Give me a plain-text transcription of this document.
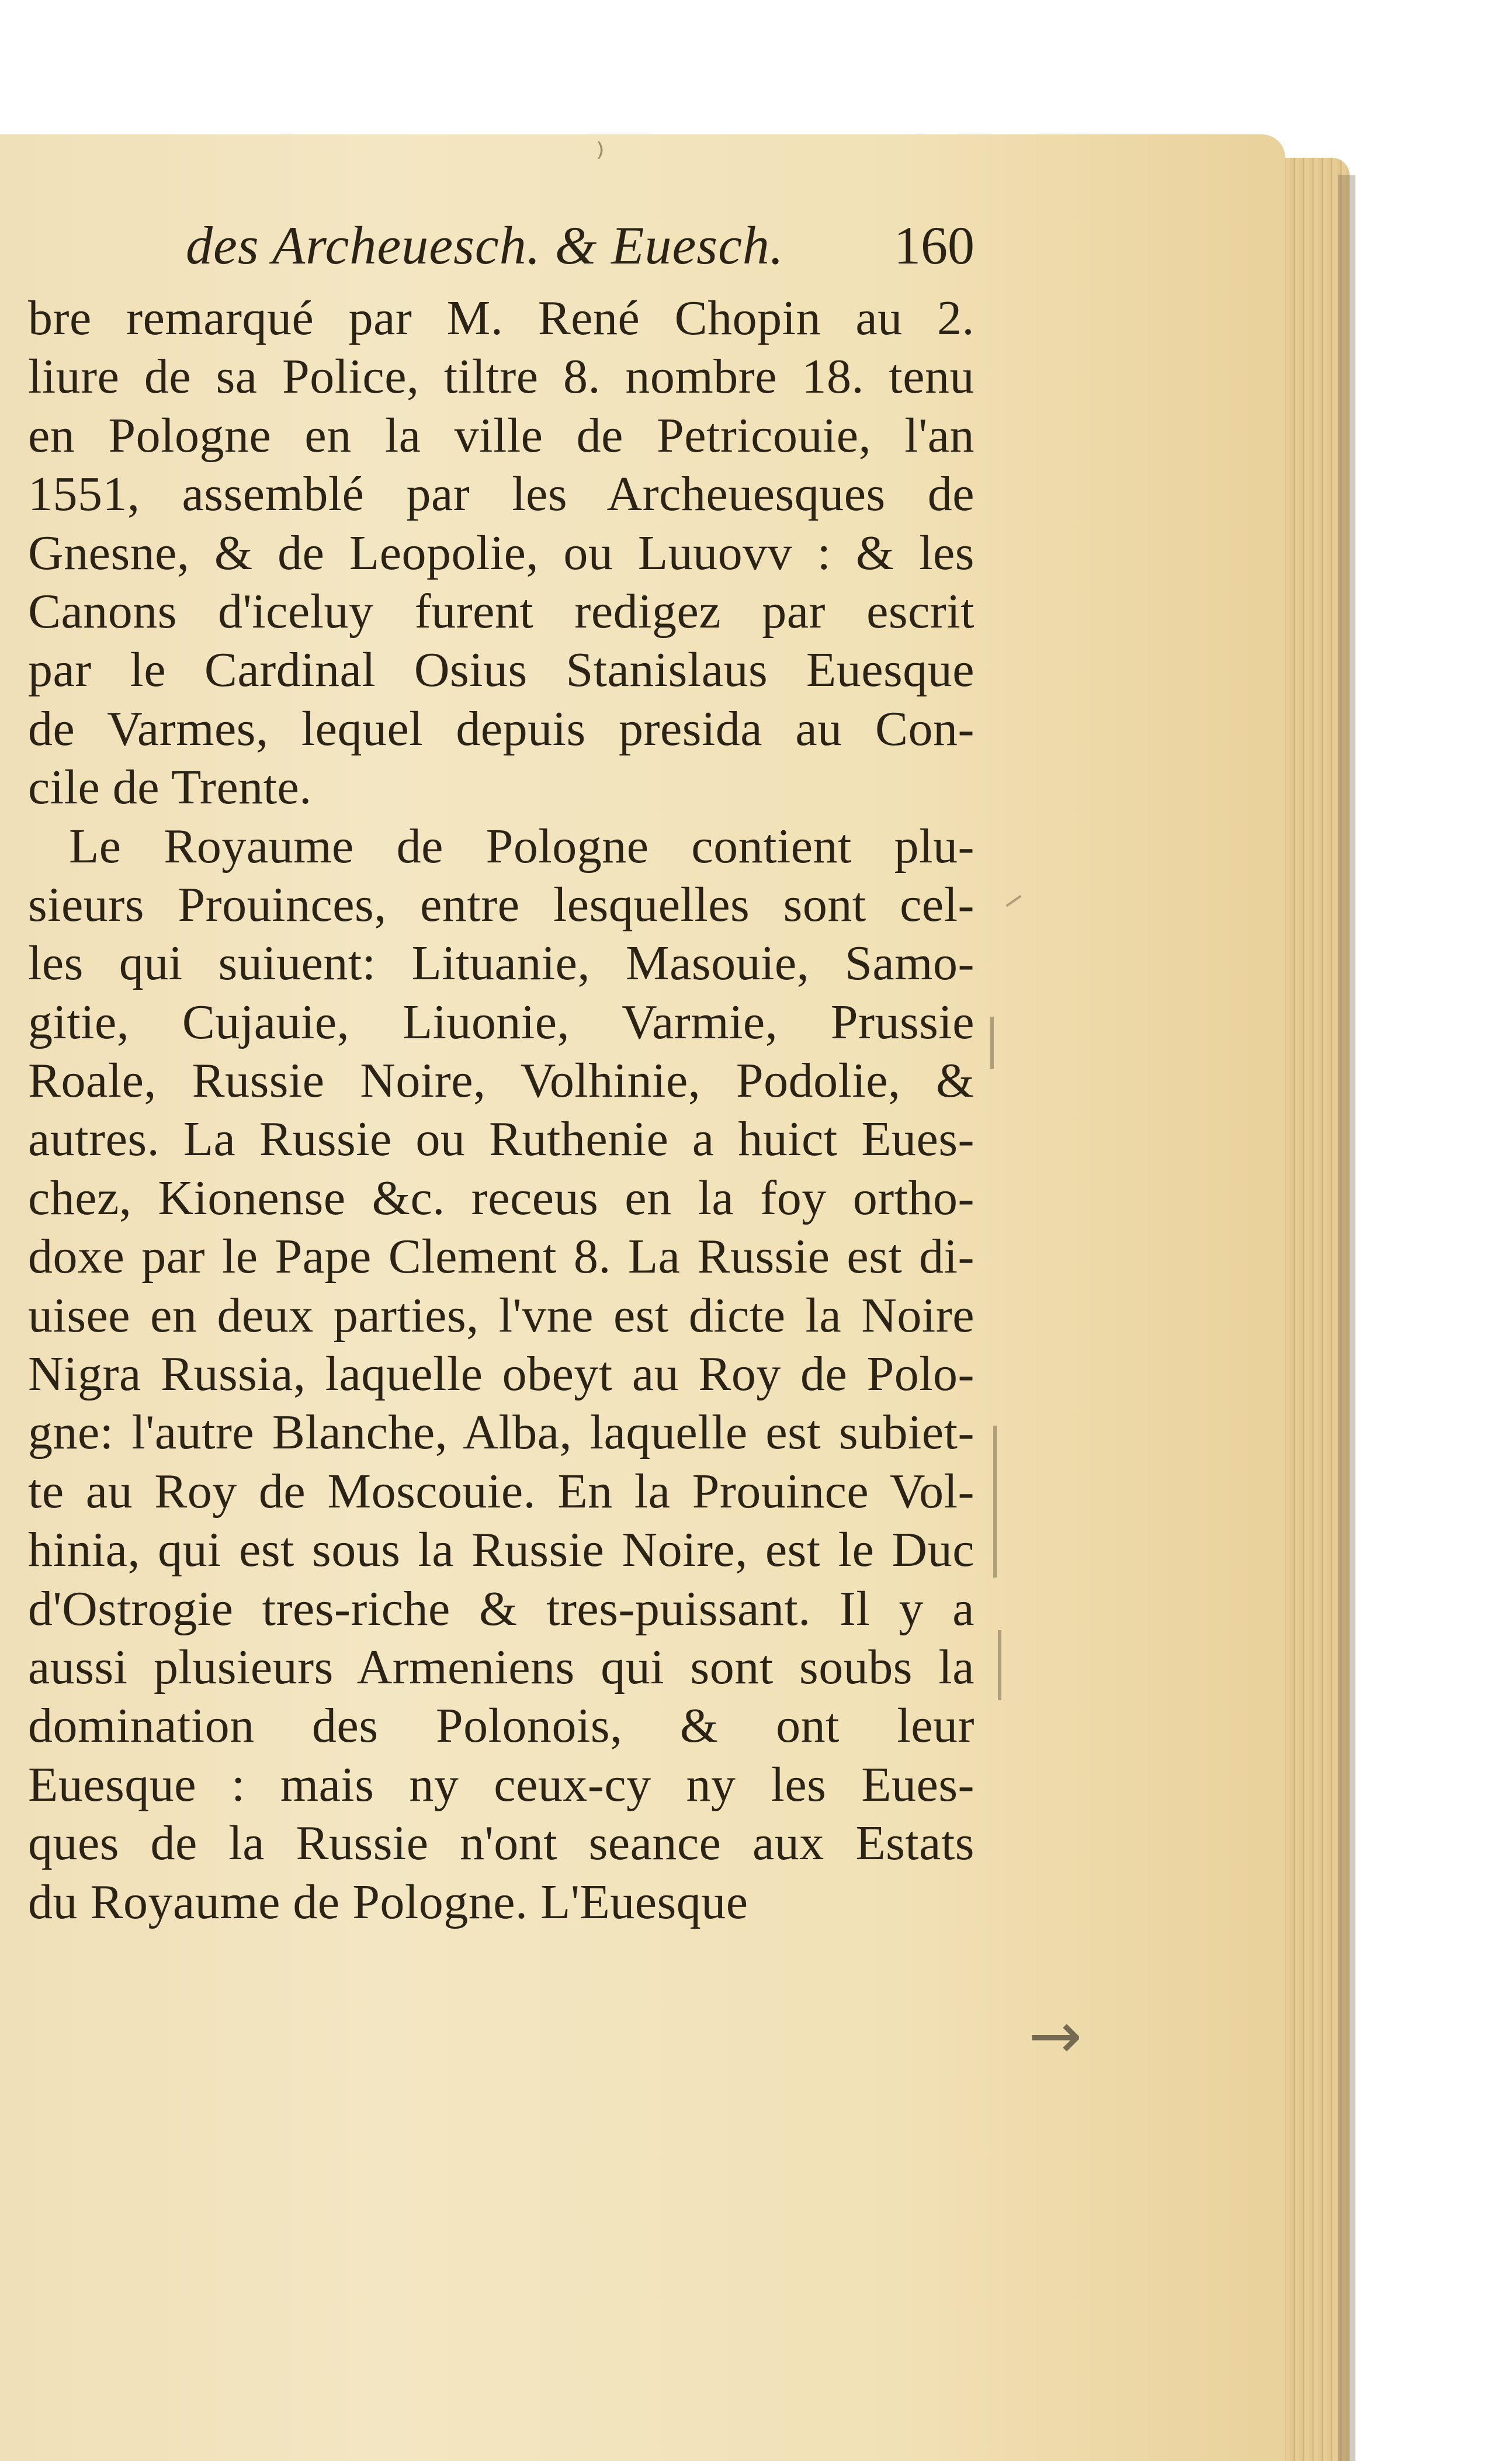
⁾
des Archeuesch. & Euesch. 160
bre remarqué par M. René Chopin au 2.
liure de sa Police, tiltre 8. nombre 18. tenu
en Pologne en la ville de Petricouie, l'an
1551, assemblé par les Archeuesques de
Gnesne, & de Leopolie, ou Luuovv : & les
Canons d'iceluy furent redigez par escrit
par le Cardinal Osius Stanislaus Euesque
de Varmes, lequel depuis presida au Con-
cile de Trente.
Le Royaume de Pologne contient plu-
sieurs Prouinces, entre lesquelles sont cel-
les qui suiuent: Lituanie, Masouie, Samo-
gitie, Cujauie, Liuonie, Varmie, Prussie
Roale, Russie Noire, Volhinie, Podolie, &
autres. La Russie ou Ruthenie a huict Eues-
chez, Kionense &c. receus en la foy ortho-
doxe par le Pape Clement 8. La Russie est di-
uisee en deux parties, l'vne est dicte la Noire
Nigra Russia, laquelle obeyt au Roy de Polo-
gne: l'autre Blanche, Alba, laquelle est subiet-
te au Roy de Moscouie. En la Prouince Vol-
hinia, qui est sous la Russie Noire, est le Duc
d'Ostrogie tres-riche & tres-puissant. Il y a
aussi plusieurs Armeniens qui sont soubs la
domination des Polonois, & ont leur
Euesque : mais ny ceux-cy ny les Eues-
ques de la Russie n'ont seance aux Estats
du Royaume de Pologne. L'Euesque
→
